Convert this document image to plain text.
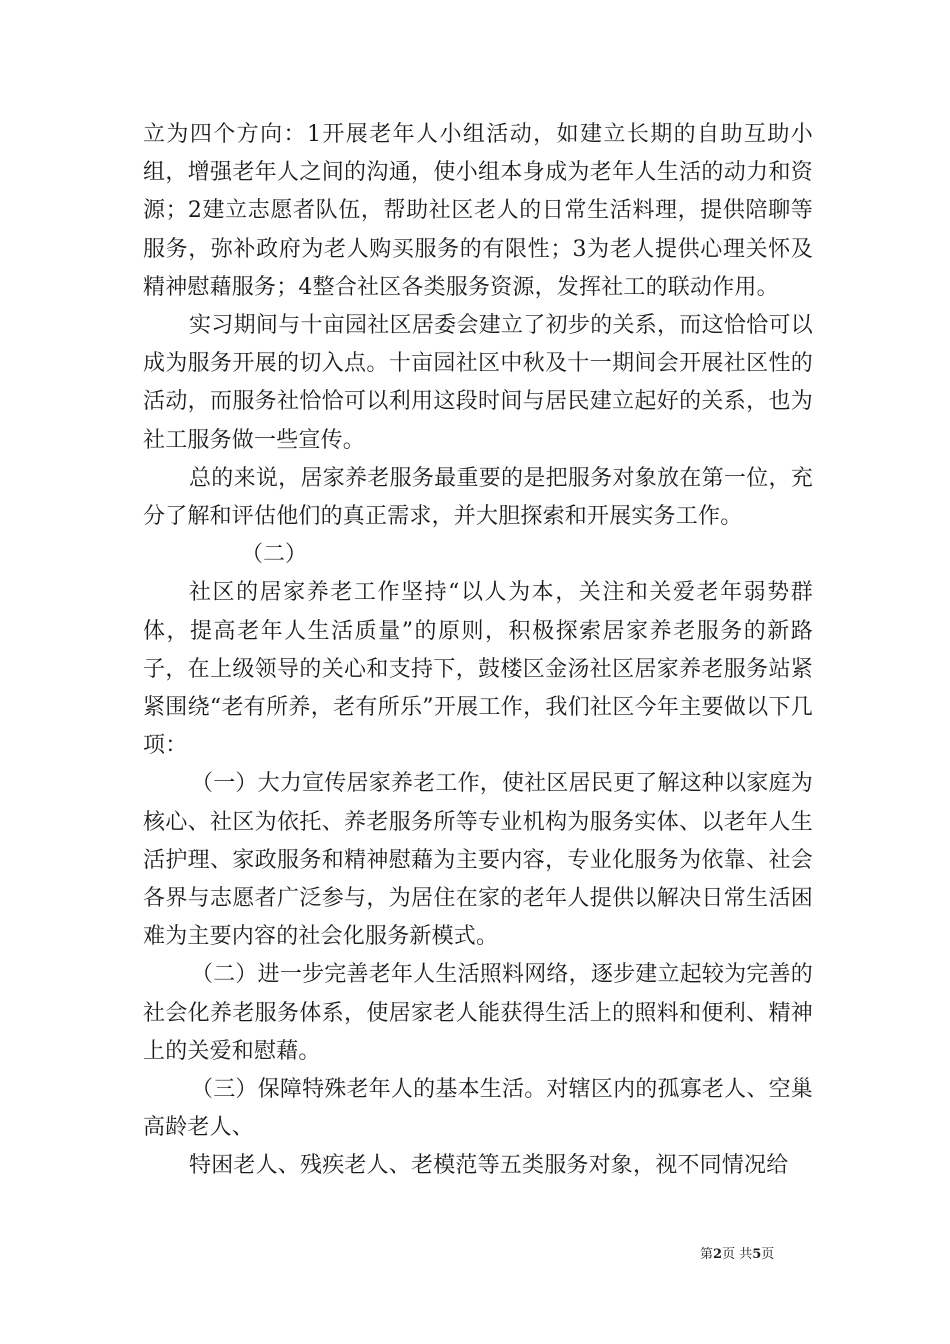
立为四个方向：1开展老年人小组活动，如建立长期的自助互助小组，增强老年人之间的沟通，使小组本身成为老年人生活的动力和资源；2建立志愿者队伍，帮助社区老人的日常生活料理，提供陪聊等服务，弥补政府为老人购买服务的有限性；3为老人提供心理关怀及精神慰藉服务；4整合社区各类服务资源，发挥社工的联动作用。

实习期间与十亩园社区居委会建立了初步的关系，而这恰恰可以成为服务开展的切入点。十亩园社区中秋及十一期间会开展社区性的活动，而服务社恰恰可以利用这段时间与居民建立起好的关系，也为社工服务做一些宣传。

总的来说，居家养老服务最重要的是把服务对象放在第一位，充分了解和评估他们的真正需求，并大胆探索和开展实务工作。

（二）

社区的居家养老工作坚持“以人为本，关注和关爱老年弱势群体，提高老年人生活质量”的原则，积极探索居家养老服务的新路子，在上级领导的关心和支持下，鼓楼区金汤社区居家养老服务站紧紧围绕“老有所养，老有所乐”开展工作，我们社区今年主要做以下几项：

（一）大力宣传居家养老工作，使社区居民更了解这种以家庭为核心、社区为依托、养老服务所等专业机构为服务实体、以老年人生活护理、家政服务和精神慰藉为主要内容，专业化服务为依靠、社会各界与志愿者广泛参与，为居住在家的老年人提供以解决日常生活困难为主要内容的社会化服务新模式。

（二）进一步完善老年人生活照料网络，逐步建立起较为完善的社会化养老服务体系，使居家老人能获得生活上的照料和便利、精神上的关爱和慰藉。

（三）保障特殊老年人的基本生活。对辖区内的孤寡老人、空巢高龄老人、

特困老人、残疾老人、老模范等五类服务对象，视不同情况给

第2页 共5页
